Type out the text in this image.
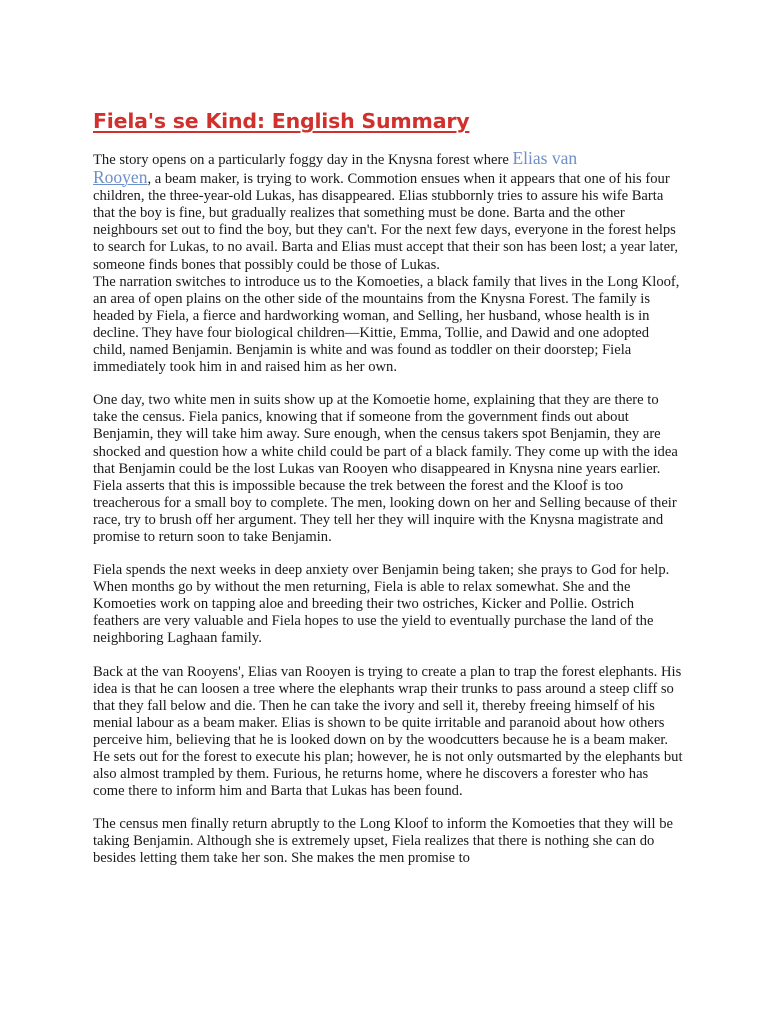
Fiela's se Kind: English Summary

The story opens on a particularly foggy day in the Knysna forest where Elias van
Rooyen, a beam maker, is trying to work. Commotion ensues when it appears that one of his four children, the three-year-old Lukas, has disappeared. Elias stubbornly tries to assure his wife Barta that the boy is fine, but gradually realizes that something must be done. Barta and the other neighbours set out to find the boy, but they can't. For the next few days, everyone in the forest helps to search for Lukas, to no avail. Barta and Elias must accept that their son has been lost; a year later, someone finds bones that possibly could be those of Lukas.

The narration switches to introduce us to the Komoeties, a black family that lives in the Long Kloof, an area of open plains on the other side of the mountains from the Knysna Forest. The family is headed by Fiela, a fierce and hardworking woman, and Selling, her husband, whose health is in decline. They have four biological children—Kittie, Emma, Tollie, and Dawid and one adopted child, named Benjamin. Benjamin is white and was found as toddler on their doorstep; Fiela immediately took him in and raised him as her own.

One day, two white men in suits show up at the Komoetie home, explaining that they are there to take the census. Fiela panics, knowing that if someone from the government finds out about Benjamin, they will take him away. Sure enough, when the census takers spot Benjamin, they are shocked and question how a white child could be part of a black family. They come up with the idea that Benjamin could be the lost Lukas van Rooyen who disappeared in Knysna nine years earlier. Fiela asserts that this is impossible because the trek between the forest and the Kloof is too treacherous for a small boy to complete. The men, looking down on her and Selling because of their race, try to brush off her argument. They tell her they will inquire with the Knysna magistrate and promise to return soon to take Benjamin.

Fiela spends the next weeks in deep anxiety over Benjamin being taken; she prays to God for help. When months go by without the men returning, Fiela is able to relax somewhat. She and the Komoeties work on tapping aloe and breeding their two ostriches, Kicker and Pollie. Ostrich feathers are very valuable and Fiela hopes to use the yield to eventually purchase the land of the neighboring Laghaan family.

Back at the van Rooyens', Elias van Rooyen is trying to create a plan to trap the forest elephants. His idea is that he can loosen a tree where the elephants wrap their trunks to pass around a steep cliff so that they fall below and die. Then he can take the ivory and sell it, thereby freeing himself of his menial labour as a beam maker. Elias is shown to be quite irritable and paranoid about how others perceive him, believing that he is looked down on by the woodcutters because he is a beam maker. He sets out for the forest to execute his plan; however, he is not only outsmarted by the elephants but also almost trampled by them. Furious, he returns home, where he discovers a forester who has come there to inform him and Barta that Lukas has been found.

The census men finally return abruptly to the Long Kloof to inform the Komoeties that they will be taking Benjamin. Although she is extremely upset, Fiela realizes that there is nothing she can do besides letting them take her son. She makes the men promise to
